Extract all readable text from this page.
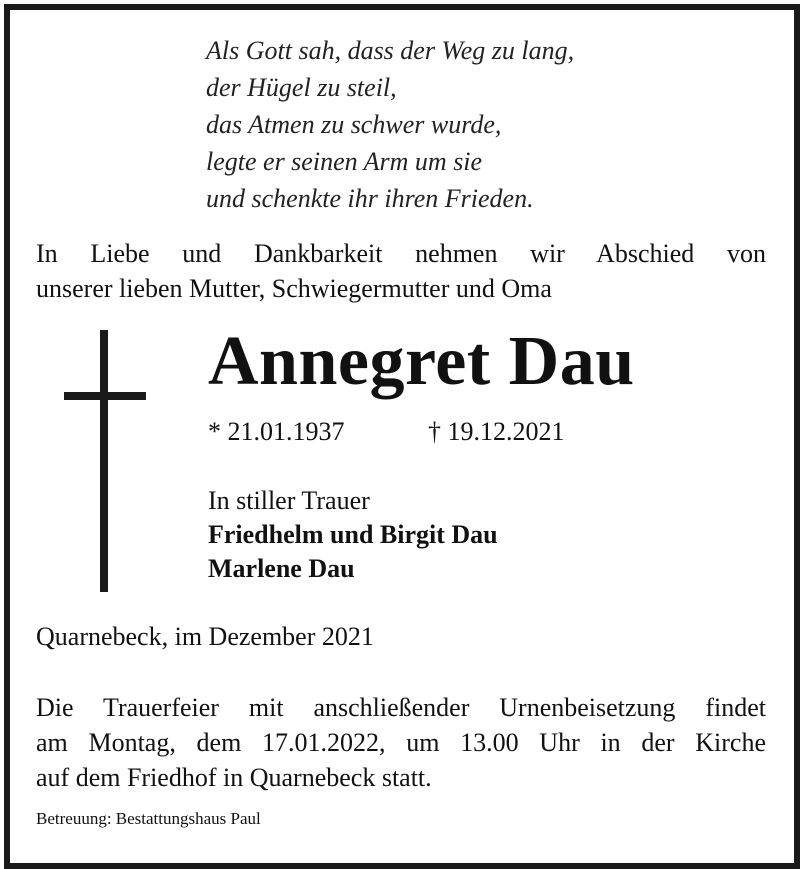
Als Gott sah, dass der Weg zu lang,
der Hügel zu steil,
das Atmen zu schwer wurde,
legte er seinen Arm um sie
und schenkte ihr ihren Frieden.
In Liebe und Dankbarkeit nehmen wir Abschied von
unserer lieben Mutter, Schwiegermutter und Oma
Annegret Dau
* 21.01.1937	† 19.12.2021
In stiller Trauer
Friedhelm und Birgit Dau
Marlene Dau
Quarnebeck, im Dezember 2021
Die Trauerfeier mit anschließender Urnenbeisetzung findet
am Montag, dem 17.01.2022, um 13.00 Uhr in der Kirche
auf dem Friedhof in Quarnebeck statt.
Betreuung: Bestattungshaus Paul
